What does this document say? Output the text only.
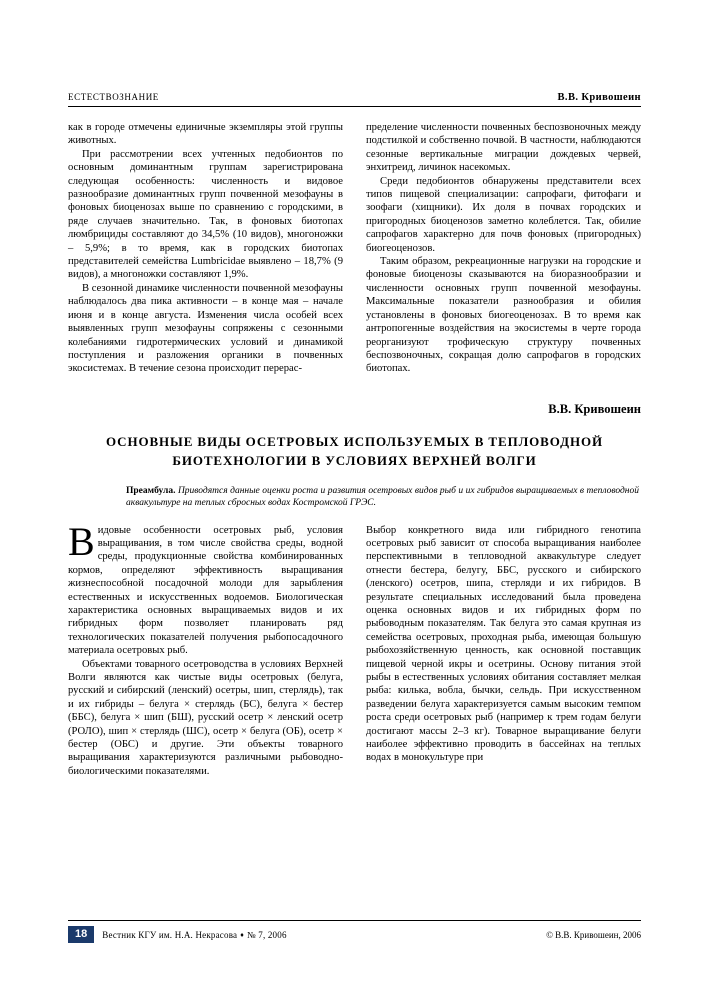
ЕСТЕСТВОЗНАНИЕ	В.В. Кривошеин

как в городе отмечены единичные экземпляры этой группы животных.

При рассмотрении всех учтенных педобионтов по основным доминантным группам зарегистрирована следующая особенность: численность и видовое разнообразие доминантных групп почвенной мезофауны в фоновых биоценозах выше по сравнению с городскими, в ряде случаев значительно. Так, в фоновых биотопах люмбрициды составляют до 34,5% (10 видов), многоножки – 5,9%; в то время, как в городских биотопах представителей семейства Lumbricidae выявлено – 18,7% (9 видов), а многоножки составляют 1,9%.

В сезонной динамике численности почвенной мезофауны наблюдалось два пика активности – в конце мая – начале июня и в конце августа. Изменения числа особей всех выявленных групп мезофауны сопряжены с сезонными колебаниями гидротермических условий и динамикой поступления и разложения органики в почвенных экосистемах. В течение сезона происходит перерас-

пределение численности почвенных беспозвоночных между подстилкой и собственно почвой. В частности, наблюдаются сезонные вертикальные миграции дождевых червей, энхитреид, личинок насекомых.

Среди педобионтов обнаружены представители всех типов пищевой специализации: сапрофаги, фитофаги и зоофаги (хищники). Их доля в почвах городских и пригородных биоценозов заметно колеблется. Так, обилие сапрофагов характерно для почв фоновых (пригородных) биогеоценозов.

Таким образом, рекреационные нагрузки на городские и фоновые биоценозы сказываются на биоразнообразии и численности основных групп почвенной мезофауны. Максимальные показатели разнообразия и обилия установлены в фоновых биогеоценозах. В то время как антропогенные воздействия на экосистемы в черте города реорганизуют трофическую структуру почвенных беспозвоночных, сокращая долю сапрофагов в городских биотопах.

В.В. Кривошеин
ОСНОВНЫЕ ВИДЫ ОСЕТРОВЫХ ИСПОЛЬЗУЕМЫХ В ТЕПЛОВОДНОЙ БИОТЕХНОЛОГИИ В УСЛОВИЯХ ВЕРХНЕЙ ВОЛГИ
Преамбула. Приводятся данные оценки роста и развития осетровых видов рыб и их гибридов выращиваемых в тепловодной аквакультуре на теплых сбросных водах Костромской ГРЭС.

Видовые особенности осетровых рыб, условия выращивания, в том числе свойства среды, водной среды, продукционные свойства комбинированных кормов, определяют эффективность выращивания жизнеспособной посадочной молоди для зарыбления естественных и искусственных водоемов. Биологическая характеристика основных выращиваемых видов и их гибридных форм позволяет планировать ряд технологических показателей получения рыбопосадочного материала осетровых рыб.

Объектами товарного осетроводства в условиях Верхней Волги являются как чистые виды осетровых (белуга, русский и сибирский (ленский) осетры, шип, стерлядь), так и их гибриды – белуга × стерлядь (БС), белуга × бестер (ББС), белуга × шип (БШ), русский осетр × ленский осетр (РОЛО), шип × стерлядь (ШС), осетр × белуга (ОБ), осетр × бестер (ОБС) и другие. Эти объекты товарного выращивания характеризуются различными рыбоводно-биологическими показателями.

Выбор конкретного вида или гибридного генотипа осетровых рыб зависит от способа выращивания наиболее перспективными в тепловодной аквакультуре следует отнести бестера, белугу, ББС, русского и сибирского (ленского) осетров, шипа, стерляди и их гибридов. В результате специальных исследований была проведена оценка основных видов и их гибридных форм по рыбоводным показателям. Так белуга это самая крупная из семейства осетровых, проходная рыба, имеющая большую рыбохозяйственную ценность, как основной поставщик пищевой черной икры и осетрины. Основу питания этой рыбы в естественных условиях обитания составляет мелкая рыба: килька, вобла, бычки, сельдь. При искусственном разведении белуга характеризуется самым высоким темпом роста среди осетровых рыб (например к трем годам белуги достигают массы 2–3 кг). Товарное выращивание белуги наиболее эффективно проводить в бассейнах на теплых водах в монокультуре при

18	Вестник КГУ им. Н.А. Некрасова ♦ № 7, 2006	© В.В. Кривошеин, 2006
